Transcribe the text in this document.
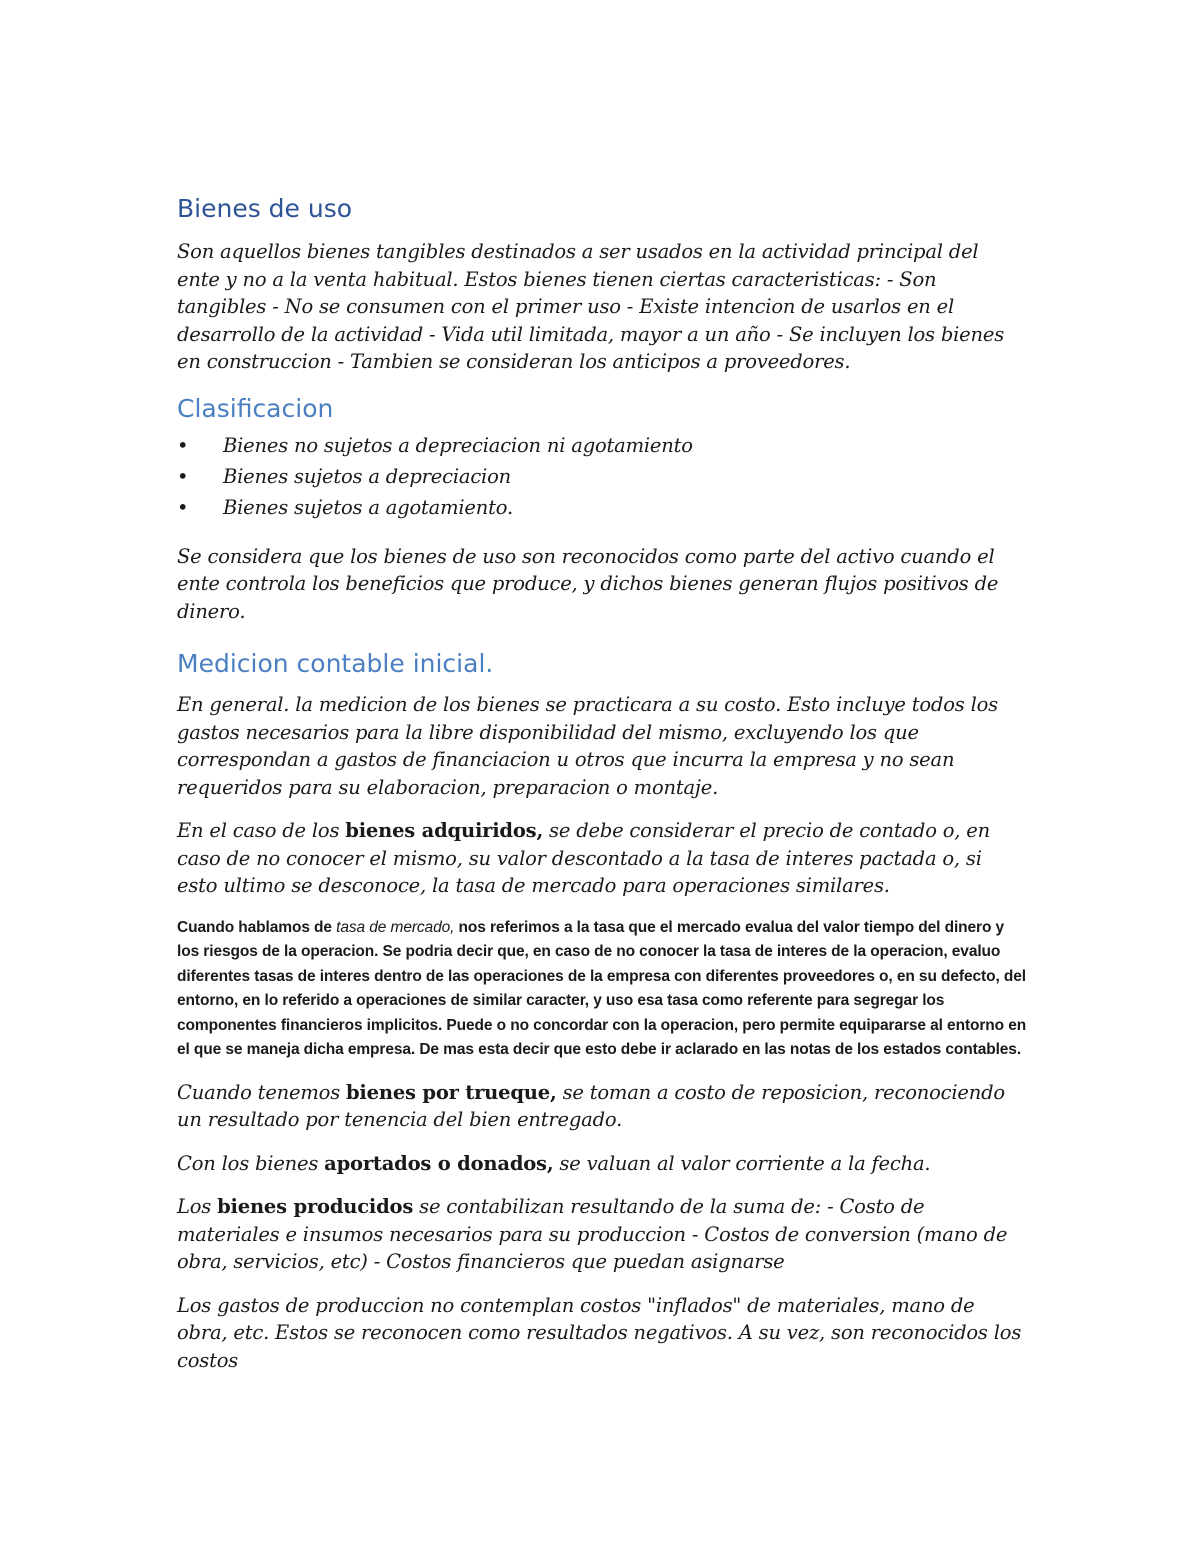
Bienes de uso

Son aquellos bienes tangibles destinados a ser usados en la actividad principal del ente y no a la venta habitual. Estos bienes tienen ciertas caracteristicas: - Son tangibles - No se consumen con el primer uso - Existe intencion de usarlos en el desarrollo de la actividad - Vida util limitada, mayor a un año - Se incluyen los bienes en construccion - Tambien se consideran los anticipos a proveedores.

Clasificacion
• Bienes no sujetos a depreciacion ni agotamiento
• Bienes sujetos a depreciacion
• Bienes sujetos a agotamiento.

Se considera que los bienes de uso son reconocidos como parte del activo cuando el ente controla los beneficios que produce, y dichos bienes generan flujos positivos de dinero.

Medicion contable inicial.

En general. la medicion de los bienes se practicara a su costo. Esto incluye todos los gastos necesarios para la libre disponibilidad del mismo, excluyendo los que correspondan a gastos de financiacion u otros que incurra la empresa y no sean requeridos para su elaboracion, preparacion o montaje.

En el caso de los bienes adquiridos, se debe considerar el precio de contado o, en caso de no conocer el mismo, su valor descontado a la tasa de interes pactada o, si esto ultimo se desconoce, la tasa de mercado para operaciones similares.

Cuando hablamos de tasa de mercado, nos referimos a la tasa que el mercado evalua del valor tiempo del dinero y los riesgos de la operacion. Se podria decir que, en caso de no conocer la tasa de interes de la operacion, evaluo diferentes tasas de interes dentro de las operaciones de la empresa con diferentes proveedores o, en su defecto, del entorno, en lo referido a operaciones de similar caracter, y uso esa tasa como referente para segregar los componentes financieros implicitos. Puede o no concordar con la operacion, pero permite equipararse al entorno en el que se maneja dicha empresa. De mas esta decir que esto debe ir aclarado en las notas de los estados contables.

Cuando tenemos bienes por trueque, se toman a costo de reposicion, reconociendo un resultado por tenencia del bien entregado.

Con los bienes aportados o donados, se valuan al valor corriente a la fecha.

Los bienes producidos se contabilizan resultando de la suma de: - Costo de materiales e insumos necesarios para su produccion - Costos de conversion (mano de obra, servicios, etc) - Costos financieros que puedan asignarse

Los gastos de produccion no contemplan costos "inflados" de materiales, mano de obra, etc. Estos se reconocen como resultados negativos. A su vez, son reconocidos los costos
